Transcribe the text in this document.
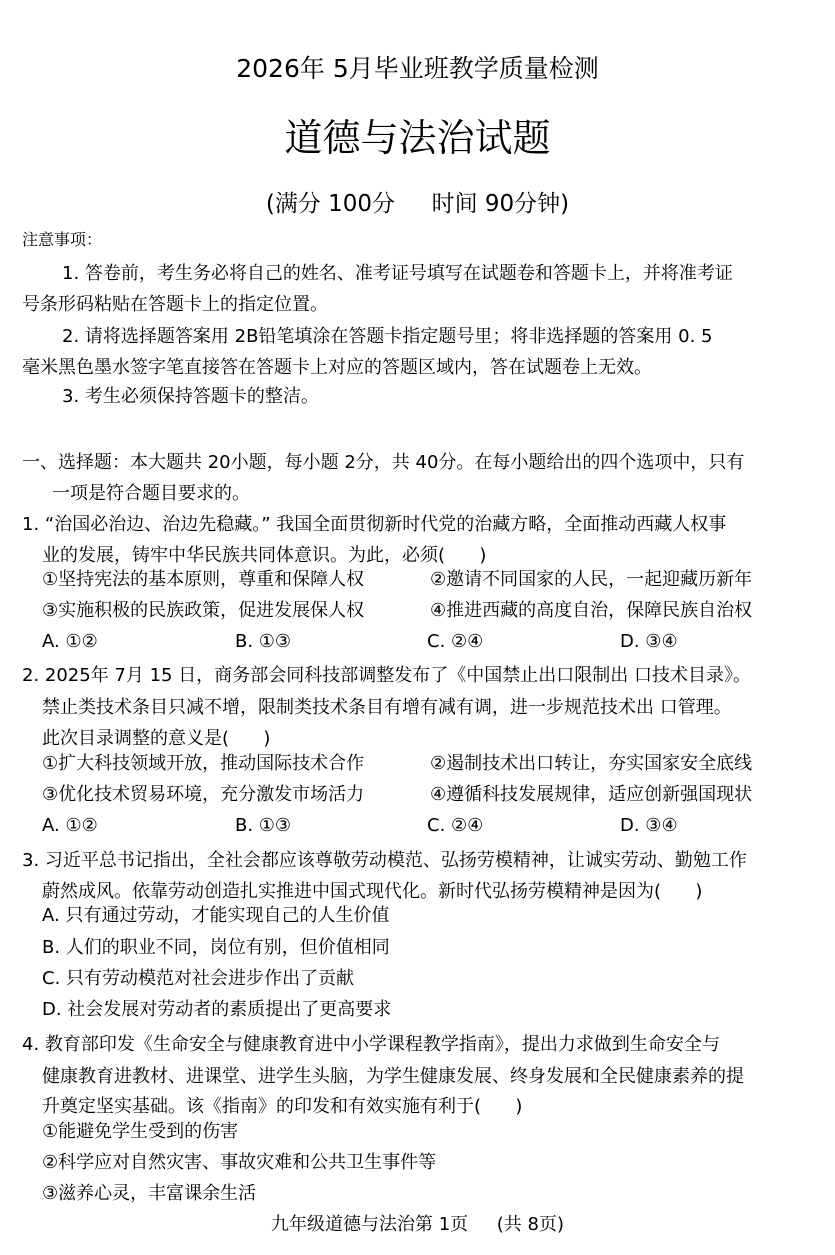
2026年 5月毕业班教学质量检测
道德与法治试题
(满分 100分     时间 90分钟)
注意事项：
1. 答卷前，考生务必将自己的姓名、准考证号填写在试题卷和答题卡上，并将准考证
号条形码粘贴在答题卡上的指定位置。
2. 请将选择题答案用 2B铅笔填涂在答题卡指定题号里；将非选择题的答案用 0. 5
毫米黑色墨水签字笔直接答在答题卡上对应的答题区域内，答在试题卷上无效。
3. 考生必须保持答题卡的整洁。
一、选择题：本大题共 20小题，每小题 2分，共 40分。在每小题给出的四个选项中，只有
一项是符合题目要求的。
1. “治国必治边、治边先稳藏。” 我国全面贯彻新时代党的治藏方略，全面推动西藏人权事
业的发展，铸牢中华民族共同体意识。为此，必须(      )
①坚持宪法的基本原则，尊重和保障人权	②邀请不同国家的人民，一起迎藏历新年
③实施积极的民族政策，促进发展保人权	④推进西藏的高度自治，保障民族自治权
A. ①②	B. ①③	C. ②④	D. ③④
2. 2025年 7月 15 日，商务部会同科技部调整发布了《中国禁止出口限制出 口技术目录》。
禁止类技术条目只减不增，限制类技术条目有增有减有调，进一步规范技术出 口管理。
此次目录调整的意义是(      )
①扩大科技领域开放，推动国际技术合作	②遏制技术出口转让，夯实国家安全底线
③优化技术贸易环境，充分激发市场活力	④遵循科技发展规律，适应创新强国现状
A. ①②	B. ①③	C. ②④	D. ③④
3. 习近平总书记指出，全社会都应该尊敬劳动模范、弘扬劳模精神，让诚实劳动、勤勉工作
蔚然成风。依靠劳动创造扎实推进中国式现代化。新时代弘扬劳模精神是因为(      )
A. 只有通过劳动，才能实现自己的人生价值
B. 人们的职业不同，岗位有别，但价值相同
C. 只有劳动模范对社会进步作出了贡献
D. 社会发展对劳动者的素质提出了更高要求
4. 教育部印发《生命安全与健康教育进中小学课程教学指南》，提出力求做到生命安全与
健康教育进教材、进课堂、进学生头脑，为学生健康发展、终身发展和全民健康素养的提
升奠定坚实基础。该《指南》的印发和有效实施有利于(      )
①能避免学生受到的伤害
②科学应对自然灾害、事故灾难和公共卫生事件等
③滋养心灵，丰富课余生活
九年级道德与法治第 1页     (共 8页)
